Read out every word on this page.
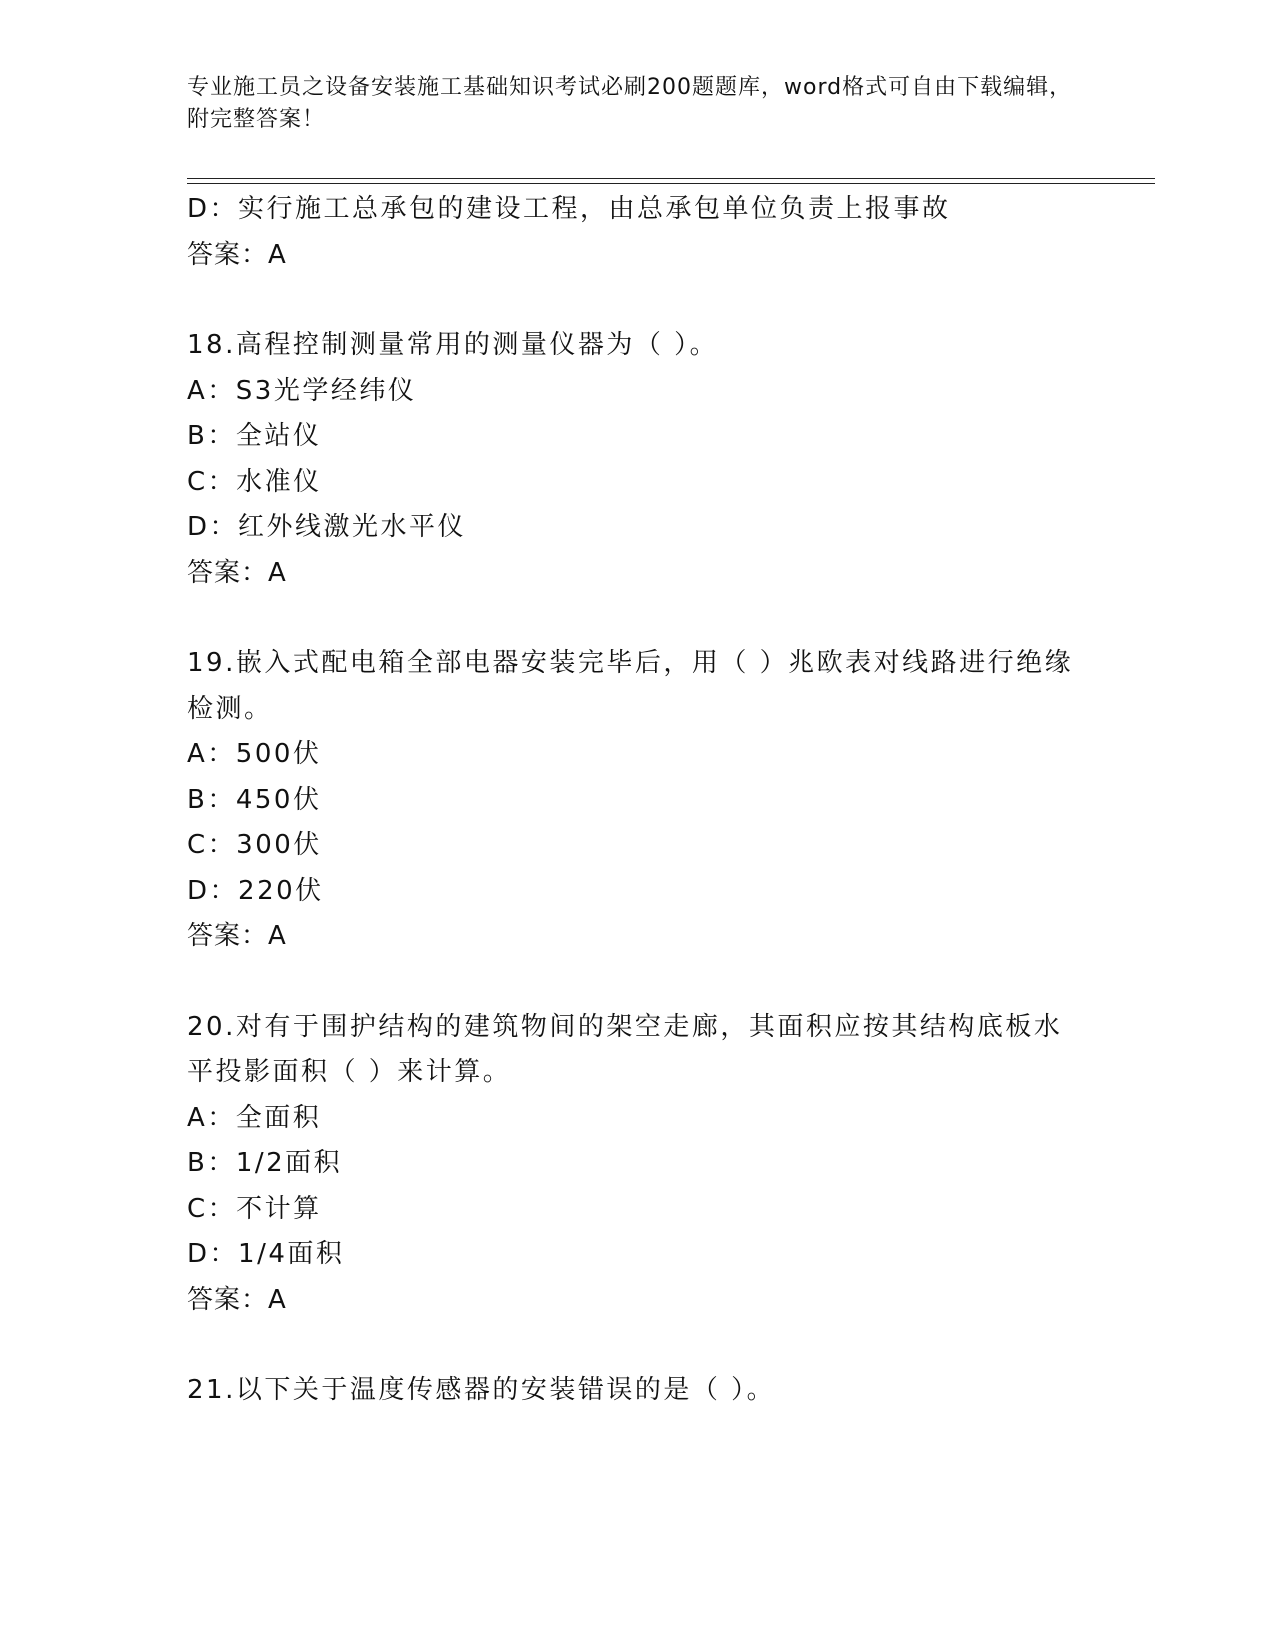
专业施工员之设备安装施工基础知识考试必刷200题题库，word格式可自由下载编辑，附完整答案！
D：实行施工总承包的建设工程，由总承包单位负责上报事故
答案：A
18.高程控制测量常用的测量仪器为（ ）。
A：S3光学经纬仪
B：全站仪
C：水准仪
D：红外线激光水平仪
答案：A
19.嵌入式配电箱全部电器安装完毕后，用（ ）兆欧表对线路进行绝缘检测。
A：500伏
B：450伏
C：300伏
D：220伏
答案：A
20.对有于围护结构的建筑物间的架空走廊，其面积应按其结构底板水平投影面积（ ）来计算。
A：全面积
B：1/2面积
C：不计算
D：1/4面积
答案：A
21.以下关于温度传感器的安装错误的是（ ）。
